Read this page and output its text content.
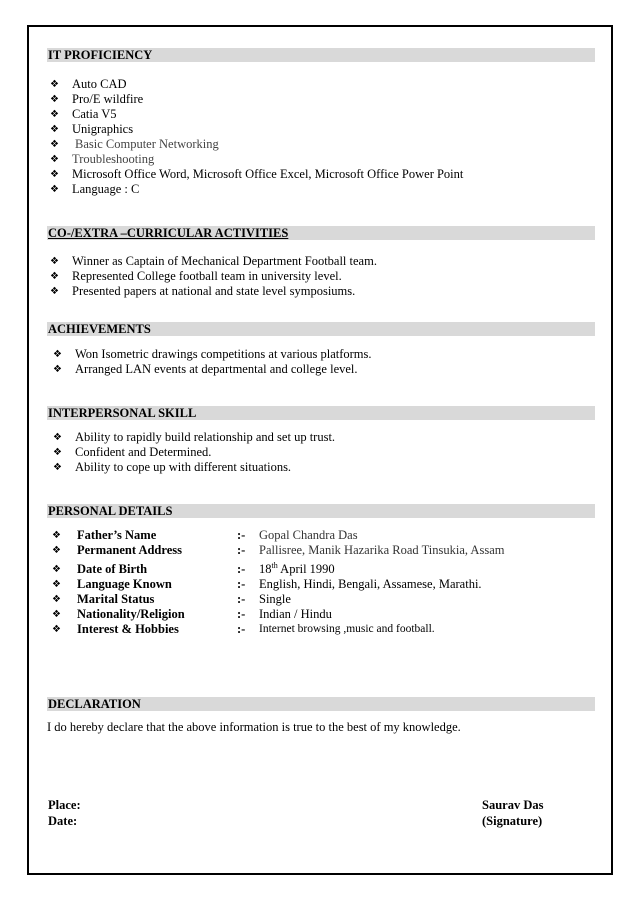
IT PROFICIENCY
❖ Auto CAD
❖ Pro/E wildfire
❖ Catia V5
❖ Unigraphics
❖ Basic Computer Networking
❖ Troubleshooting
❖ Microsoft Office Word, Microsoft Office Excel, Microsoft Office Power Point
❖ Language : C
CO-/EXTRA –CURRICULAR ACTIVITIES
❖ Winner as Captain of Mechanical Department Football team.
❖ Represented College football team in university level.
❖ Presented papers at national and state level symposiums.
ACHIEVEMENTS
❖ Won Isometric drawings competitions at various platforms.
❖ Arranged LAN events at departmental and college level.
INTERPERSONAL SKILL
❖ Ability to rapidly build relationship and set up trust.
❖ Confident and Determined.
❖ Ability to cope up with different situations.
PERSONAL DETAILS
❖ Father’s Name	:- Gopal Chandra Das
❖ Permanent Address	:- Pallisree, Manik Hazarika Road Tinsukia, Assam
❖ Date of Birth	:- 18th April 1990
❖ Language Known	:- English, Hindi, Bengali, Assamese, Marathi.
❖ Marital Status	:- Single
❖ Nationality/Religion	:- Indian / Hindu
❖ Interest & Hobbies	:- Internet browsing ,music and football.
DECLARATION
I do hereby declare that the above information is true to the best of my knowledge.
Place:
Date:
Saurav Das
(Signature)
